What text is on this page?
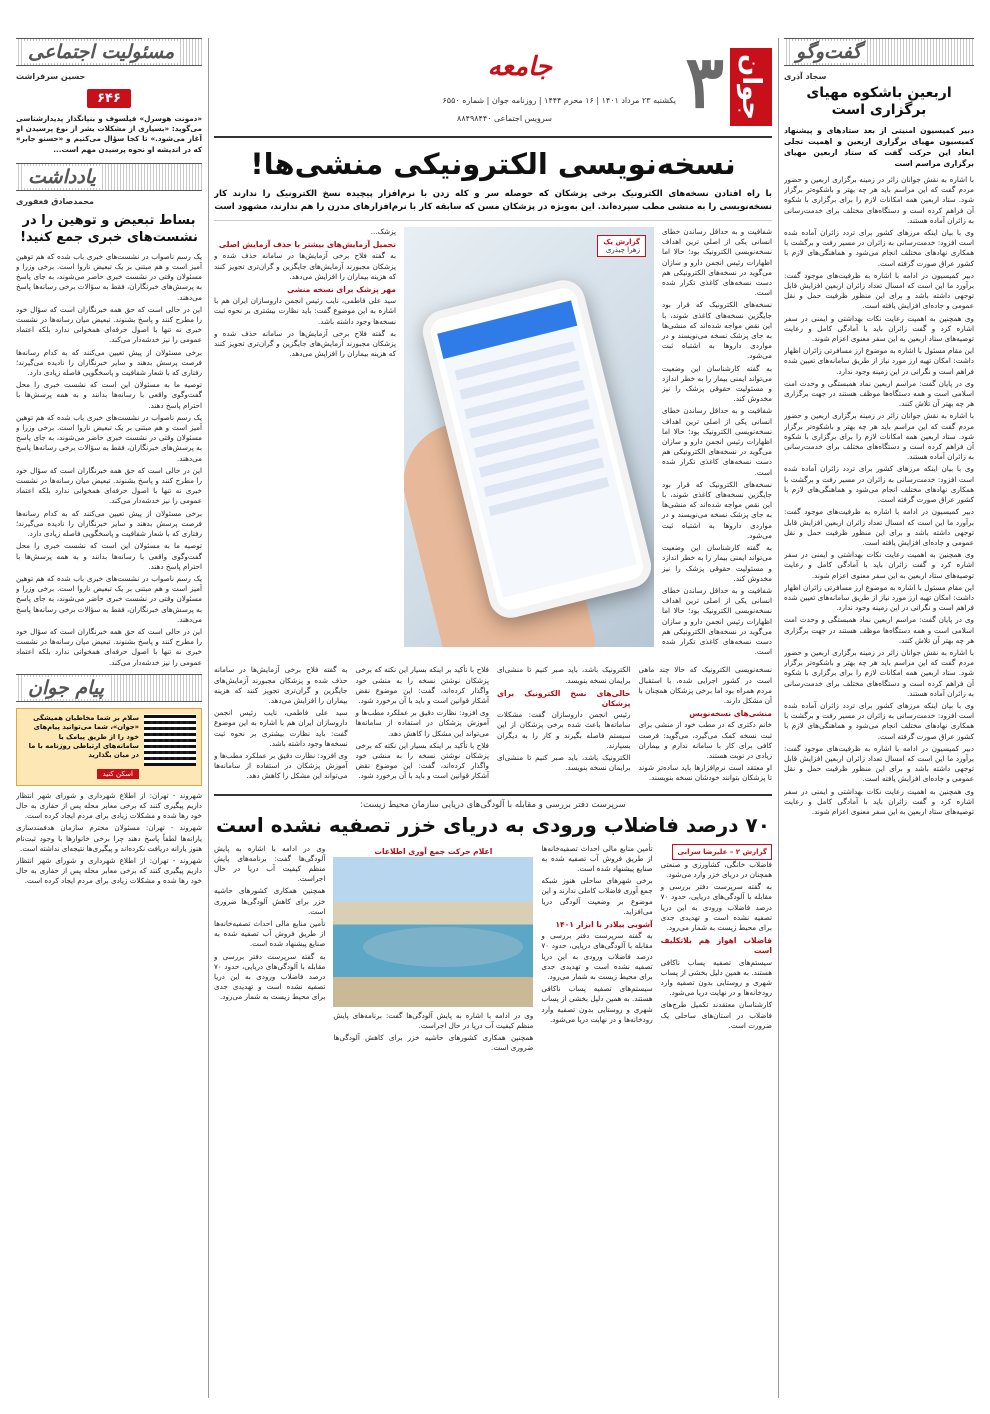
گفت‌وگو
سجاد آذری
اربعین باشکوه مهیای برگزاری است
دبیر کمیسیون امنیتی از بعد ستادهای و پیشنهاد کمیسیون مهیای برگزاری اربعین و اهمیت تجلی ابعاد این حرکت گفت که ستاد اربعین مهیای برگزاری مراسم است

با اشاره به نقش جوانان زائر در زمینه برگزاری اربعین و حضور مردم گفت که این مراسم باید هر چه بهتر و باشکوه‌تر برگزار شود. ستاد اربعین همه امکانات لازم را برای برگزاری با شکوه آن فراهم کرده است و دستگاه‌های مختلف برای خدمت‌رسانی به زائران آماده هستند.

وی با بیان اینکه مرزهای کشور برای تردد زائران آماده شده است افزود: خدمت‌رسانی به زائران در مسیر رفت و برگشت با همکاری نهادهای مختلف انجام می‌شود و هماهنگی‌های لازم با کشور عراق صورت گرفته است.

دبیر کمیسیون در ادامه با اشاره به ظرفیت‌های موجود گفت: برآورد ما این است که امسال تعداد زائران اربعین افزایش قابل توجهی داشته باشد و برای این منظور ظرفیت حمل و نقل عمومی و جاده‌ای افزایش یافته است.

وی همچنین به اهمیت رعایت نکات بهداشتی و ایمنی در سفر اشاره کرد و گفت زائران باید با آمادگی کامل و رعایت توصیه‌های ستاد اربعین به این سفر معنوی اعزام شوند.

این مقام مسئول با اشاره به موضوع ارز مسافرتی زائران اظهار داشت: امکان تهیه ارز مورد نیاز از طریق سامانه‌های تعیین شده فراهم است و نگرانی در این زمینه وجود ندارد.

وی در پایان گفت: مراسم اربعین نماد همبستگی و وحدت امت اسلامی است و همه دستگاه‌ها موظف هستند در جهت برگزاری هر چه بهتر آن تلاش کنند.

با اشاره به نقش جوانان زائر در زمینه برگزاری اربعین و حضور مردم گفت که این مراسم باید هر چه بهتر و باشکوه‌تر برگزار شود. ستاد اربعین همه امکانات لازم را برای برگزاری با شکوه آن فراهم کرده است و دستگاه‌های مختلف برای خدمت‌رسانی به زائران آماده هستند.

وی با بیان اینکه مرزهای کشور برای تردد زائران آماده شده است افزود: خدمت‌رسانی به زائران در مسیر رفت و برگشت با همکاری نهادهای مختلف انجام می‌شود و هماهنگی‌های لازم با کشور عراق صورت گرفته است.

دبیر کمیسیون در ادامه با اشاره به ظرفیت‌های موجود گفت: برآورد ما این است که امسال تعداد زائران اربعین افزایش قابل توجهی داشته باشد و برای این منظور ظرفیت حمل و نقل عمومی و جاده‌ای افزایش یافته است.

وی همچنین به اهمیت رعایت نکات بهداشتی و ایمنی در سفر اشاره کرد و گفت زائران باید با آمادگی کامل و رعایت توصیه‌های ستاد اربعین به این سفر معنوی اعزام شوند.

این مقام مسئول با اشاره به موضوع ارز مسافرتی زائران اظهار داشت: امکان تهیه ارز مورد نیاز از طریق سامانه‌های تعیین شده فراهم است و نگرانی در این زمینه وجود ندارد.

وی در پایان گفت: مراسم اربعین نماد همبستگی و وحدت امت اسلامی است و همه دستگاه‌ها موظف هستند در جهت برگزاری هر چه بهتر آن تلاش کنند.

با اشاره به نقش جوانان زائر در زمینه برگزاری اربعین و حضور مردم گفت که این مراسم باید هر چه بهتر و باشکوه‌تر برگزار شود. ستاد اربعین همه امکانات لازم را برای برگزاری با شکوه آن فراهم کرده است و دستگاه‌های مختلف برای خدمت‌رسانی به زائران آماده هستند.

وی با بیان اینکه مرزهای کشور برای تردد زائران آماده شده است افزود: خدمت‌رسانی به زائران در مسیر رفت و برگشت با همکاری نهادهای مختلف انجام می‌شود و هماهنگی‌های لازم با کشور عراق صورت گرفته است.

دبیر کمیسیون در ادامه با اشاره به ظرفیت‌های موجود گفت: برآورد ما این است که امسال تعداد زائران اربعین افزایش قابل توجهی داشته باشد و برای این منظور ظرفیت حمل و نقل عمومی و جاده‌ای افزایش یافته است.

وی همچنین به اهمیت رعایت نکات بهداشتی و ایمنی در سفر اشاره کرد و گفت زائران باید با آمادگی کامل و رعایت توصیه‌های ستاد اربعین به این سفر معنوی اعزام شوند.

مسئولیت اجتماعی
حسین سرفراشت
۶۴۶
«دمونت هوسرل» فیلسوف و بنیانگذار پدیدارشناسی می‌گوید: «بسیاری از مشکلات بشر از نوع پرسیدن او آغاز می‌شود.» تا کجا سؤال می‌کنیم و «حسنو جابر» که در اندیشه او نحوه پرسیدن مهم است...
یادداشت
محمدصادق فغفوری
بساط تبعیض و توهین را در نشست‌های خبری جمع کنید!

یک رسم ناصواب در نشست‌های خبری باب شده که هم توهین آمیز است و هم مبتنی بر یک تبعیض ناروا است. برخی وزرا و مسئولان وقتی در نشست خبری حاضر می‌شوند، به جای پاسخ به پرسش‌های خبرنگاران، فقط به سؤالات برخی رسانه‌ها پاسخ می‌دهند.

این در حالی است که حق همه خبرنگاران است که سؤال خود را مطرح کنند و پاسخ بشنوند. تبعیض میان رسانه‌ها در نشست خبری نه تنها با اصول حرفه‌ای همخوانی ندارد بلکه اعتماد عمومی را نیز خدشه‌دار می‌کند.

برخی مسئولان از پیش تعیین می‌کنند که به کدام رسانه‌ها فرصت پرسش بدهند و سایر خبرنگاران را نادیده می‌گیرند؛ رفتاری که با شعار شفافیت و پاسخگویی فاصله زیادی دارد.

توصیه ما به مسئولان این است که نشست خبری را محل گفت‌وگوی واقعی با رسانه‌ها بدانند و به همه پرسش‌ها با احترام پاسخ دهند.

یک رسم ناصواب در نشست‌های خبری باب شده که هم توهین آمیز است و هم مبتنی بر یک تبعیض ناروا است. برخی وزرا و مسئولان وقتی در نشست خبری حاضر می‌شوند، به جای پاسخ به پرسش‌های خبرنگاران، فقط به سؤالات برخی رسانه‌ها پاسخ می‌دهند.

این در حالی است که حق همه خبرنگاران است که سؤال خود را مطرح کنند و پاسخ بشنوند. تبعیض میان رسانه‌ها در نشست خبری نه تنها با اصول حرفه‌ای همخوانی ندارد بلکه اعتماد عمومی را نیز خدشه‌دار می‌کند.

برخی مسئولان از پیش تعیین می‌کنند که به کدام رسانه‌ها فرصت پرسش بدهند و سایر خبرنگاران را نادیده می‌گیرند؛ رفتاری که با شعار شفافیت و پاسخگویی فاصله زیادی دارد.

توصیه ما به مسئولان این است که نشست خبری را محل گفت‌وگوی واقعی با رسانه‌ها بدانند و به همه پرسش‌ها با احترام پاسخ دهند.

یک رسم ناصواب در نشست‌های خبری باب شده که هم توهین آمیز است و هم مبتنی بر یک تبعیض ناروا است. برخی وزرا و مسئولان وقتی در نشست خبری حاضر می‌شوند، به جای پاسخ به پرسش‌های خبرنگاران، فقط به سؤالات برخی رسانه‌ها پاسخ می‌دهند.

این در حالی است که حق همه خبرنگاران است که سؤال خود را مطرح کنند و پاسخ بشنوند. تبعیض میان رسانه‌ها در نشست خبری نه تنها با اصول حرفه‌ای همخوانی ندارد بلکه اعتماد عمومی را نیز خدشه‌دار می‌کند.

پیام جوان
سلام بر شما مخاطبان همیشگی «جوان»، شما می‌توانید پیام‌های خود را از طریق پیامک یا سامانه‌های ارتباطی روزنامه با ما در میان بگذارید
اسکن کنید

شهروند - تهران: از اطلاع شهرداری و شورای شهر انتظار داریم پیگیری کنند که برخی معابر محله پس از حفاری به حال خود رها شده و مشکلات زیادی برای مردم ایجاد کرده است.

شهروند - تهران: مسئولان محترم سازمان هدفمندسازی یارانه‌ها لطفاً پاسخ دهند چرا برخی خانوارها با وجود ثبت‌نام هنوز یارانه دریافت نکرده‌اند و پیگیری‌ها نتیجه‌ای نداشته است.

شهروند - تهران: از اطلاع شهرداری و شورای شهر انتظار داریم پیگیری کنند که برخی معابر محله پس از حفاری به حال خود رها شده و مشکلات زیادی برای مردم ایجاد کرده است.

جوان
۳
جامعه
یکشنبه ۲۳ مرداد ۱۴۰۱ | ۱۶ محرم ۱۴۴۴ | روزنامه جوان | شماره ۶۵۵۰
سرویس اجتماعی ۸۸۴۹۸۴۴۰
نسخه‌نویسی الکترونیکی منشی‌ها!
با راه افتادن نسخه‌های الکترونیک برخی پزشکان که حوصله سر و کله زدن با نرم‌افزار پیچیده نسخ الکترونیک را ندارند کار نسخه‌نویسی را به منشی مطب سپرده‌اند. این به‌ویژه در پزشکان مسن که سابقه کار با نرم‌افزارهای مدرن را هم ندارند، مشهود است

شفافیت و به حداقل رساندن خطای انسانی یکی از اصلی ترین اهداف نسخه‌نویسی الکترونیک بود؛ حالا اما اظهارات رئیس انجمن دارو و سازان می‌گوید در نسخه‌های الکترونیکی هم دست نسخه‌های کاغذی تکرار شده است.

نسخه‌های الکترونیک که قرار بود جایگزین نسخه‌های کاغذی شوند، با این نقص مواجه شده‌اند که منشی‌ها به جای پزشک نسخه می‌نویسند و در مواردی داروها به اشتباه ثبت می‌شود.

به گفته کارشناسان این وضعیت می‌تواند ایمنی بیمار را به خطر اندازد و مسئولیت حقوقی پزشک را نیز مخدوش کند.

شفافیت و به حداقل رساندن خطای انسانی یکی از اصلی ترین اهداف نسخه‌نویسی الکترونیک بود؛ حالا اما اظهارات رئیس انجمن دارو و سازان می‌گوید در نسخه‌های الکترونیکی هم دست نسخه‌های کاغذی تکرار شده است.

نسخه‌های الکترونیک که قرار بود جایگزین نسخه‌های کاغذی شوند، با این نقص مواجه شده‌اند که منشی‌ها به جای پزشک نسخه می‌نویسند و در مواردی داروها به اشتباه ثبت می‌شود.

به گفته کارشناسان این وضعیت می‌تواند ایمنی بیمار را به خطر اندازد و مسئولیت حقوقی پزشک را نیز مخدوش کند.

شفافیت و به حداقل رساندن خطای انسانی یکی از اصلی ترین اهداف نسخه‌نویسی الکترونیک بود؛ حالا اما اظهارات رئیس انجمن دارو و سازان می‌گوید در نسخه‌های الکترونیکی هم دست نسخه‌های کاغذی تکرار شده است.

گزارش یک
زهرا چیذری

پزشک...

تحمیل آزمایش‌های بیشتر با حذف آزمایش اصلی

به گفته فلاح برخی آزمایش‌ها در سامانه حذف شده و پزشکان مجبورند آزمایش‌های جایگزین و گران‌تری تجویز کنند که هزینه بیماران را افزایش می‌دهد.

مهر پزشک برای نسخه منشی

سید علی فاطمی، نایب رئیس انجمن داروسازان ایران هم با اشاره به این موضوع گفت: باید نظارت بیشتری بر نحوه ثبت نسخه‌ها وجود داشته باشد.

به گفته فلاح برخی آزمایش‌ها در سامانه حذف شده و پزشکان مجبورند آزمایش‌های جایگزین و گران‌تری تجویز کنند که هزینه بیماران را افزایش می‌دهد.

نسخه‌نویسی الکترونیک که حالا چند ماهی است در کشور اجرایی شده، با استقبال مردم همراه بود اما برخی پزشکان همچنان با آن مشکل دارند.

منشی‌های نسخه‌نویس

خانم دکتری که در مطب خود از منشی برای ثبت نسخه کمک می‌گیرد، می‌گوید: فرصت کافی برای کار با سامانه ندارم و بیماران زیادی در نوبت هستند.

او معتقد است نرم‌افزارها باید ساده‌تر شوند تا پزشکان بتوانند خودشان نسخه بنویسند.

الکترونیک باشد، باید صبر کنیم تا منشی‌ای برایمان نسخه بنویسد.

حالی‌های نسخ الکترونیک برای پزشکان

رئیس انجمن داروسازان گفت: مشکلات سامانه‌ها باعث شده برخی پزشکان از این سیستم فاصله بگیرند و کار را به دیگران بسپارند.

الکترونیک باشد، باید صبر کنیم تا منشی‌ای برایمان نسخه بنویسد.

فلاح با تأکید بر اینکه بسیار این نکته که برخی پزشکان نوشتن نسخه را به منشی خود واگذار کرده‌اند، گفت: این موضوع نقض آشکار قوانین است و باید با آن برخورد شود.

وی افزود: نظارت دقیق بر عملکرد مطب‌ها و آموزش پزشکان در استفاده از سامانه‌ها می‌تواند این مشکل را کاهش دهد.

فلاح با تأکید بر اینکه بسیار این نکته که برخی پزشکان نوشتن نسخه را به منشی خود واگذار کرده‌اند، گفت: این موضوع نقض آشکار قوانین است و باید با آن برخورد شود.

به گفته فلاح برخی آزمایش‌ها در سامانه حذف شده و پزشکان مجبورند آزمایش‌های جایگزین و گران‌تری تجویز کنند که هزینه بیماران را افزایش می‌دهد.

سید علی فاطمی، نایب رئیس انجمن داروسازان ایران هم با اشاره به این موضوع گفت: باید نظارت بیشتری بر نحوه ثبت نسخه‌ها وجود داشته باشد.

وی افزود: نظارت دقیق بر عملکرد مطب‌ها و آموزش پزشکان در استفاده از سامانه‌ها می‌تواند این مشکل را کاهش دهد.

سرپرست دفتر بررسی و مقابله با آلودگی‌های دریایی سازمان محیط زیست:
۷۰ درصد فاضلاب ورودی به دریای خزر تصفیه نشده است
گزارش ۲ – علیرضا سرابی

فاضلاب خانگی، کشاورزی و صنعتی همچنان در دریای خزر وارد می‌شود.

به گفته سرپرست دفتر بررسی و مقابله با آلودگی‌های دریایی، حدود ۷۰ درصد فاضلاب ورودی به این دریا تصفیه نشده است و تهدیدی جدی برای محیط زیست به شمار می‌رود.

فاضلاب اهواز هم بلاتکلیف است

سیستم‌های تصفیه پساب ناکافی هستند. به همین دلیل بخشی از پساب شهری و روستایی بدون تصفیه وارد رودخانه‌ها و در نهایت دریا می‌شود.

کارشناسان معتقدند تکمیل طرح‌های فاضلاب در استان‌های ساحلی یک ضرورت است.

تأمین منابع مالی احداث تصفیه‌خانه‌ها از طریق فروش آب تصفیه شده به صنایع پیشنهاد شده است.

برخی شهرهای ساحلی هنوز شبکه جمع آوری فاضلاب کاملی ندارند و این موضوع بر وضعیت آلودگی دریا می‌افزاید.

آشوبی بیلادر با ابزار ۱۴۰۱

به گفته سرپرست دفتر بررسی و مقابله با آلودگی‌های دریایی، حدود ۷۰ درصد فاضلاب ورودی به این دریا تصفیه نشده است و تهدیدی جدی برای محیط زیست به شمار می‌رود.

سیستم‌های تصفیه پساب ناکافی هستند. به همین دلیل بخشی از پساب شهری و روستایی بدون تصفیه وارد رودخانه‌ها و در نهایت دریا می‌شود.

اعلام حرکت جمع آوری اطلاعات

وی در ادامه با اشاره به پایش آلودگی‌ها گفت: برنامه‌های پایش منظم کیفیت آب دریا در حال اجراست.

همچنین همکاری کشورهای حاشیه خزر برای کاهش آلودگی‌ها ضروری است.

وی در ادامه با اشاره به پایش آلودگی‌ها گفت: برنامه‌های پایش منظم کیفیت آب دریا در حال اجراست.

همچنین همکاری کشورهای حاشیه خزر برای کاهش آلودگی‌ها ضروری است.

تأمین منابع مالی احداث تصفیه‌خانه‌ها از طریق فروش آب تصفیه شده به صنایع پیشنهاد شده است.

به گفته سرپرست دفتر بررسی و مقابله با آلودگی‌های دریایی، حدود ۷۰ درصد فاضلاب ورودی به این دریا تصفیه نشده است و تهدیدی جدی برای محیط زیست به شمار می‌رود.
